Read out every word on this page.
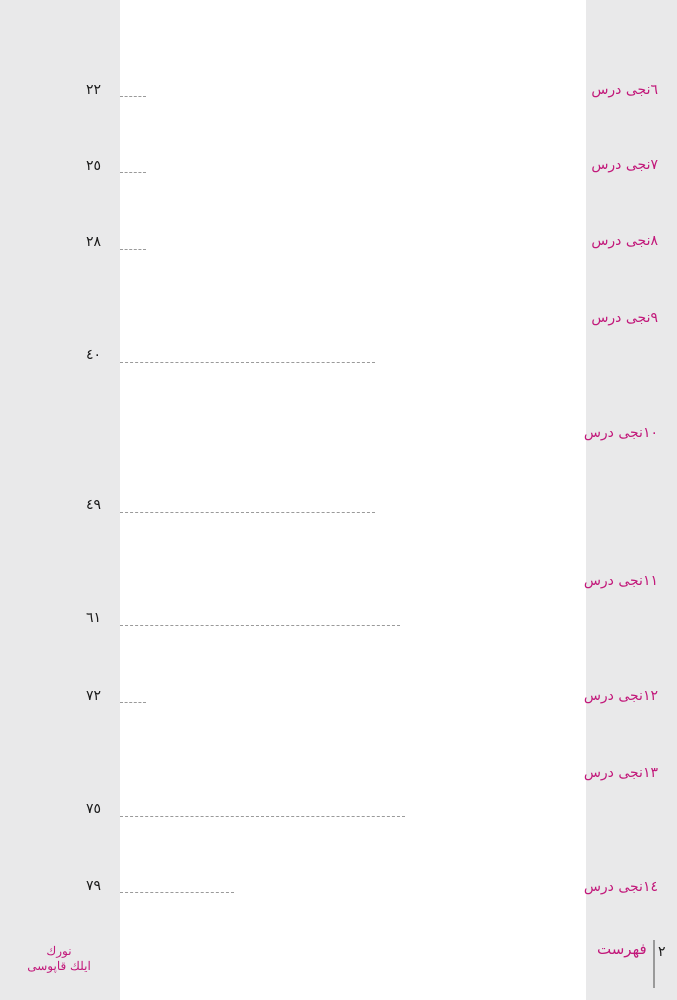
٦نجى درس
٢٢
٧نجى درس
٢٥
٨نجى درس
٢٨
٩نجى درس
٤٠
١٠نجى درس
٤٩
١١نجى درس
٦١
١٢نجى درس
٧٢
١٣نجى درس
٧٥
١٤نجى درس
٧٩
فهرست ٢
نورك
ايلك قاپوسى
